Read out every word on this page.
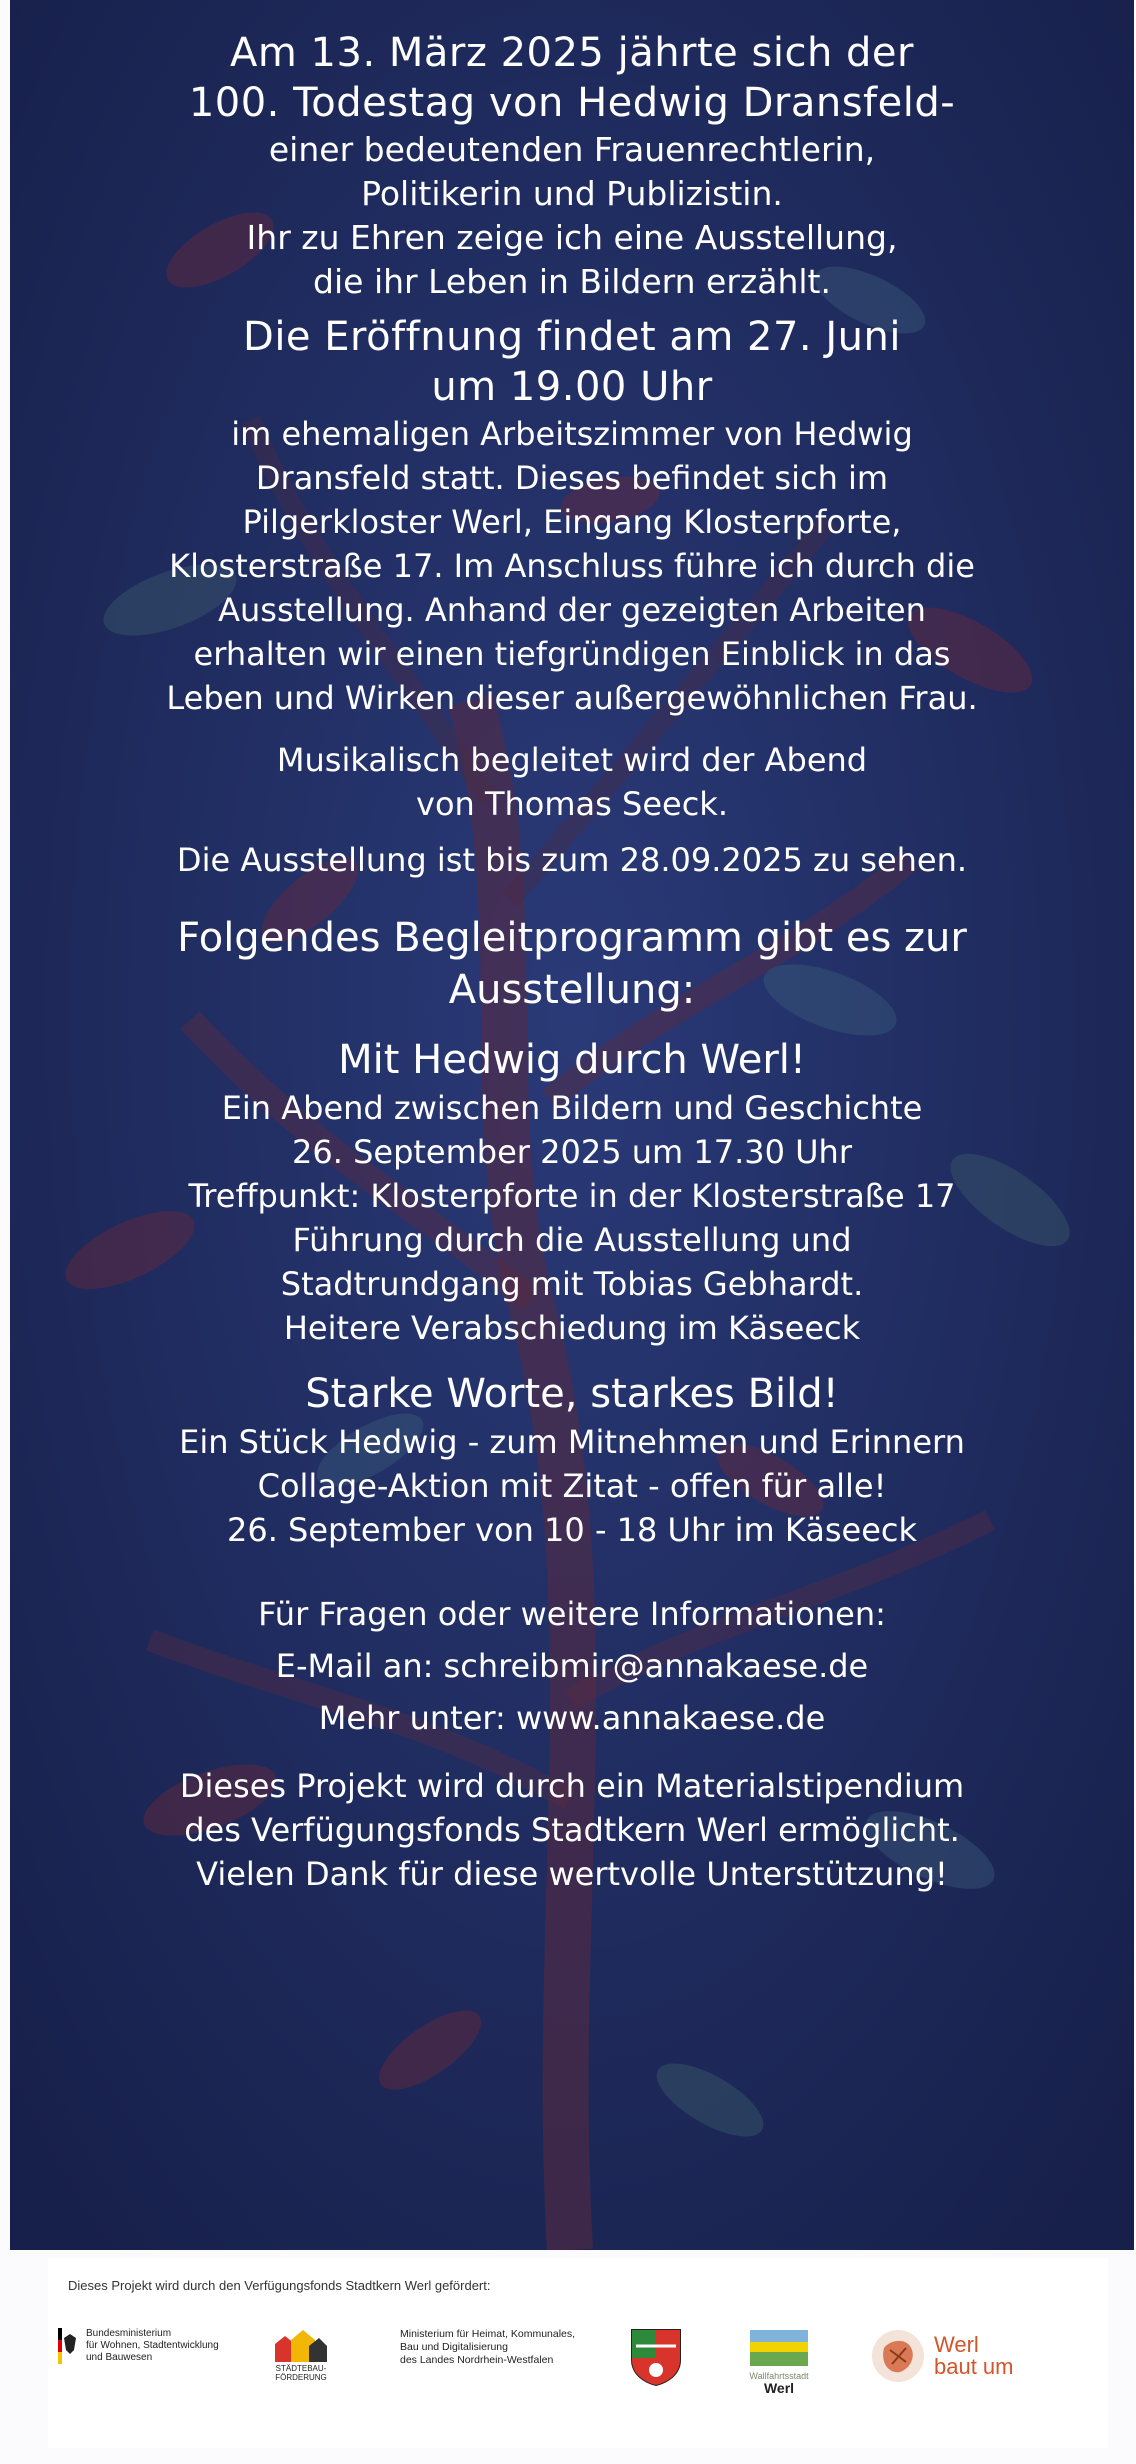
Am 13. März 2025 jährte sich der

100. Todestag von Hedwig Dransfeld-

einer bedeutenden Frauenrechtlerin,

Politikerin und Publizistin.

Ihr zu Ehren zeige ich eine Ausstellung,

die ihr Leben in Bildern erzählt.

Die Eröffnung findet am 27. Juni

um 19.00 Uhr

im ehemaligen Arbeitszimmer von Hedwig

Dransfeld statt. Dieses befindet sich im

Pilgerkloster Werl, Eingang Klosterpforte,

Klosterstraße 17. Im Anschluss führe ich durch die

Ausstellung. Anhand der gezeigten Arbeiten

erhalten wir einen tiefgründigen Einblick in das

Leben und Wirken dieser außergewöhnlichen Frau.

Musikalisch begleitet wird der Abend

von Thomas Seeck.

Die Ausstellung ist bis zum 28.09.2025 zu sehen.

Folgendes Begleitprogramm gibt es zur

Ausstellung:

Mit Hedwig durch Werl!

Ein Abend zwischen Bildern und Geschichte

26. September 2025 um 17.30 Uhr

Treffpunkt: Klosterpforte in der Klosterstraße 17

Führung durch die Ausstellung und

Stadtrundgang mit Tobias Gebhardt.

Heitere Verabschiedung im Käseeck

Starke Worte, starkes Bild!

Ein Stück Hedwig - zum Mitnehmen und Erinnern

Collage-Aktion mit Zitat - offen für alle!

26. September von 10 - 18 Uhr im Käseeck

Für Fragen oder weitere Informationen:

E-Mail an: schreibmir@annakaese.de

Mehr unter: www.annakaese.de

Dieses Projekt wird durch ein Materialstipendium

des Verfügungsfonds Stadtkern Werl ermöglicht.

Vielen Dank für diese wertvolle Unterstützung!

Dieses Projekt wird durch den Verfügungsfonds Stadtkern Werl gefördert:
Bundesministerium
für Wohnen, Stadtentwicklung
und Bauwesen
STÄDTEBAU-
FÖRDERUNG
Ministerium für Heimat, Kommunales,
Bau und Digitalisierung
des Landes Nordrhein-Westfalen
Wallfahrtsstadt
Werl
Werl
baut um
